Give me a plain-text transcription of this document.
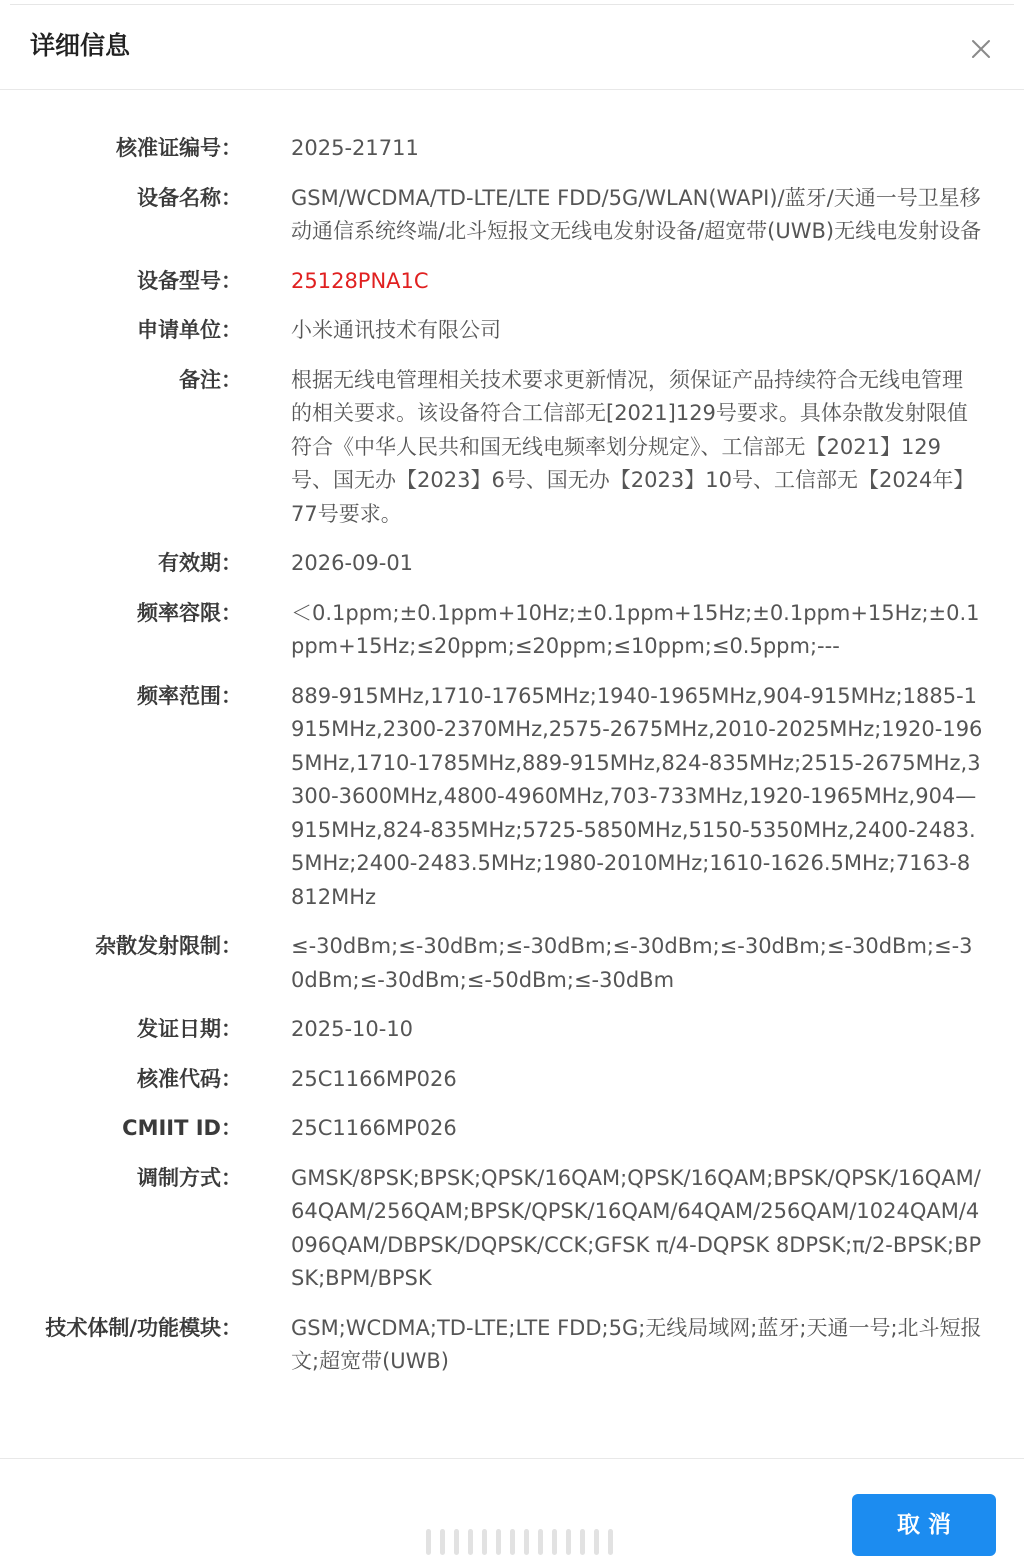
详细信息
核准证编号： 2025-21711
设备名称： GSM/WCDMA/TD-LTE/LTE FDD/5G/WLAN(WAPI)/蓝牙/天通一号卫星移动通信系统终端/北斗短报文无线电发射设备/超宽带(UWB)无线电发射设备
设备型号： 25128PNA1C
申请单位： 小米通讯技术有限公司
备注： 根据无线电管理相关技术要求更新情况，须保证产品持续符合无线电管理的相关要求。该设备符合工信部无[2021]129号要求。具体杂散发射限值符合《中华人民共和国无线电频率划分规定》、工信部无【2021】129号、国无办【2023】6号、国无办【2023】10号、工信部无【2024年】77号要求。
有效期： 2026-09-01
频率容限： ＜0.1ppm;±0.1ppm+10Hz;±0.1ppm+15Hz;±0.1ppm+15Hz;±0.1ppm+15Hz;≤20ppm;≤20ppm;≤10ppm;≤0.5ppm;---
频率范围： 889-915MHz,1710-1765MHz;1940-1965MHz,904-915MHz;1885-1915MHz,2300-2370MHz,2575-2675MHz,2010-2025MHz;1920-1965MHz,1710-1785MHz,889-915MHz,824-835MHz;2515-2675MHz,3300-3600MHz,4800-4960MHz,703-733MHz,1920-1965MHz,904—915MHz,824-835MHz;5725-5850MHz,5150-5350MHz,2400-2483.5MHz;2400-2483.5MHz;1980-2010MHz;1610-1626.5MHz;7163-8812MHz
杂散发射限制： ≤-30dBm;≤-30dBm;≤-30dBm;≤-30dBm;≤-30dBm;≤-30dBm;≤-30dBm;≤-30dBm;≤-50dBm;≤-30dBm
发证日期： 2025-10-10
核准代码： 25C1166MP026
CMIIT ID： 25C1166MP026
调制方式： GMSK/8PSK;BPSK;QPSK/16QAM;QPSK/16QAM;BPSK/QPSK/16QAM/64QAM/256QAM;BPSK/QPSK/16QAM/64QAM/256QAM/1024QAM/4096QAM/DBPSK/DQPSK/CCK;GFSK π/4-DQPSK 8DPSK;π/2-BPSK;BPSK;BPM/BPSK
技术体制/功能模块： GSM;WCDMA;TD-LTE;LTE FDD;5G;无线局域网;蓝牙;天通一号;北斗短报文;超宽带(UWB)
取消
